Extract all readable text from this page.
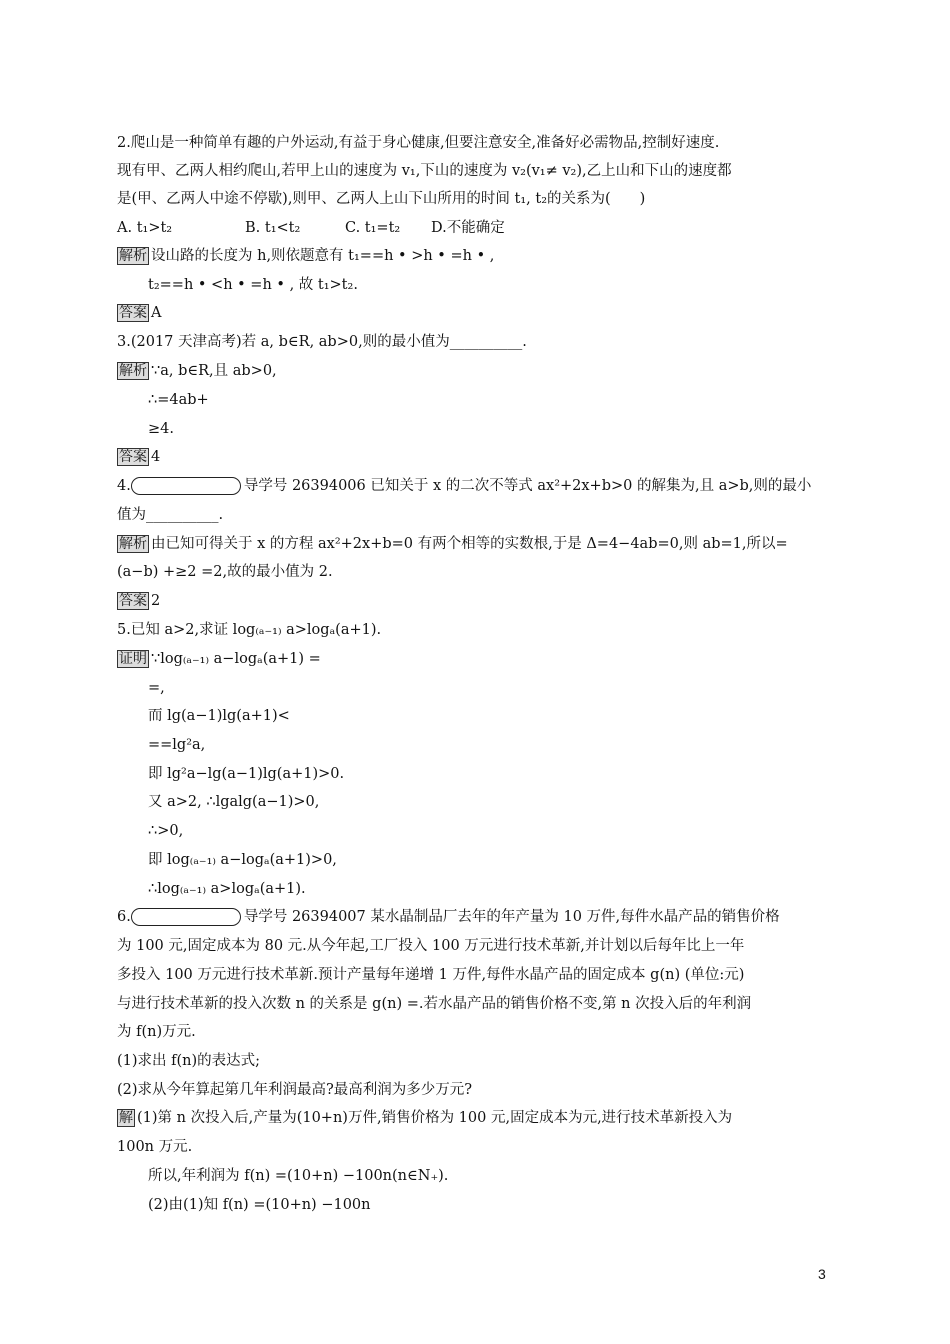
2.爬山是一种简单有趣的户外运动,有益于身心健康,但要注意安全,准备好必需物品,控制好速度.
现有甲、乙两人相约爬山,若甲上山的速度为 v₁,下山的速度为 v₂(v₁≠ v₂),乙上山和下山的速度都
是(甲、乙两人中途不停歇),则甲、乙两人上山下山所用的时间 t₁, t₂的关系为(　　)
A. t₁>t₂	B. t₁<t₂	C. t₁=t₂ D.不能确定
解析 设山路的长度为 h,则依题意有 t₁==h • >h • =h • ,
t₂==h • <h • =h • , 故 t₁>t₂.
答案 A
3.(2017 天津高考)若 a, b∈R, ab>0,则的最小值为__________.
解析 ∵a, b∈R,且 ab>0,
∴=4ab+
≥4.
答案 4
4.	导学号 26394006 已知关于 x 的二次不等式 ax²+2x+b>0 的解集为,且 a>b,则的最小
值为__________.
解析 由已知可得关于 x 的方程 ax²+2x+b=0 有两个相等的实数根,于是 Δ=4−4ab=0,则 ab=1,所以=
(a−b) +≥2 =2,故的最小值为 2.
答案 2
5.已知 a>2,求证 log₍ₐ₋₁₎ a>logₐ(a+1).
证明 ∵log₍ₐ₋₁₎ a−logₐ(a+1) =
=,
而 lg(a−1)lg(a+1)<
==lg²a,
即 lg²a−lg(a−1)lg(a+1)>0.
又 a>2, ∴lgalg(a−1)>0,
∴>0,
即 log₍ₐ₋₁₎ a−logₐ(a+1)>0,
∴log₍ₐ₋₁₎ a>logₐ(a+1).
6.	导学号 26394007 某水晶制品厂去年的年产量为 10 万件,每件水晶产品的销售价格
为 100 元,固定成本为 80 元.从今年起,工厂投入 100 万元进行技术革新,并计划以后每年比上一年
多投入 100 万元进行技术革新.预计产量每年递增 1 万件,每件水晶产品的固定成本 g(n) (单位:元)
与进行技术革新的投入次数 n 的关系是 g(n) =.若水晶产品的销售价格不变,第 n 次投入后的年利润
为 f(n)万元.
(1)求出 f(n)的表达式;
(2)求从今年算起第几年利润最高?最高利润为多少万元?
解 (1)第 n 次投入后,产量为(10+n)万件,销售价格为 100 元,固定成本为元,进行技术革新投入为
100n 万元.
所以,年利润为 f(n) =(10+n) −100n(n∈N₊).
(2)由(1)知 f(n) =(10+n) −100n
3
